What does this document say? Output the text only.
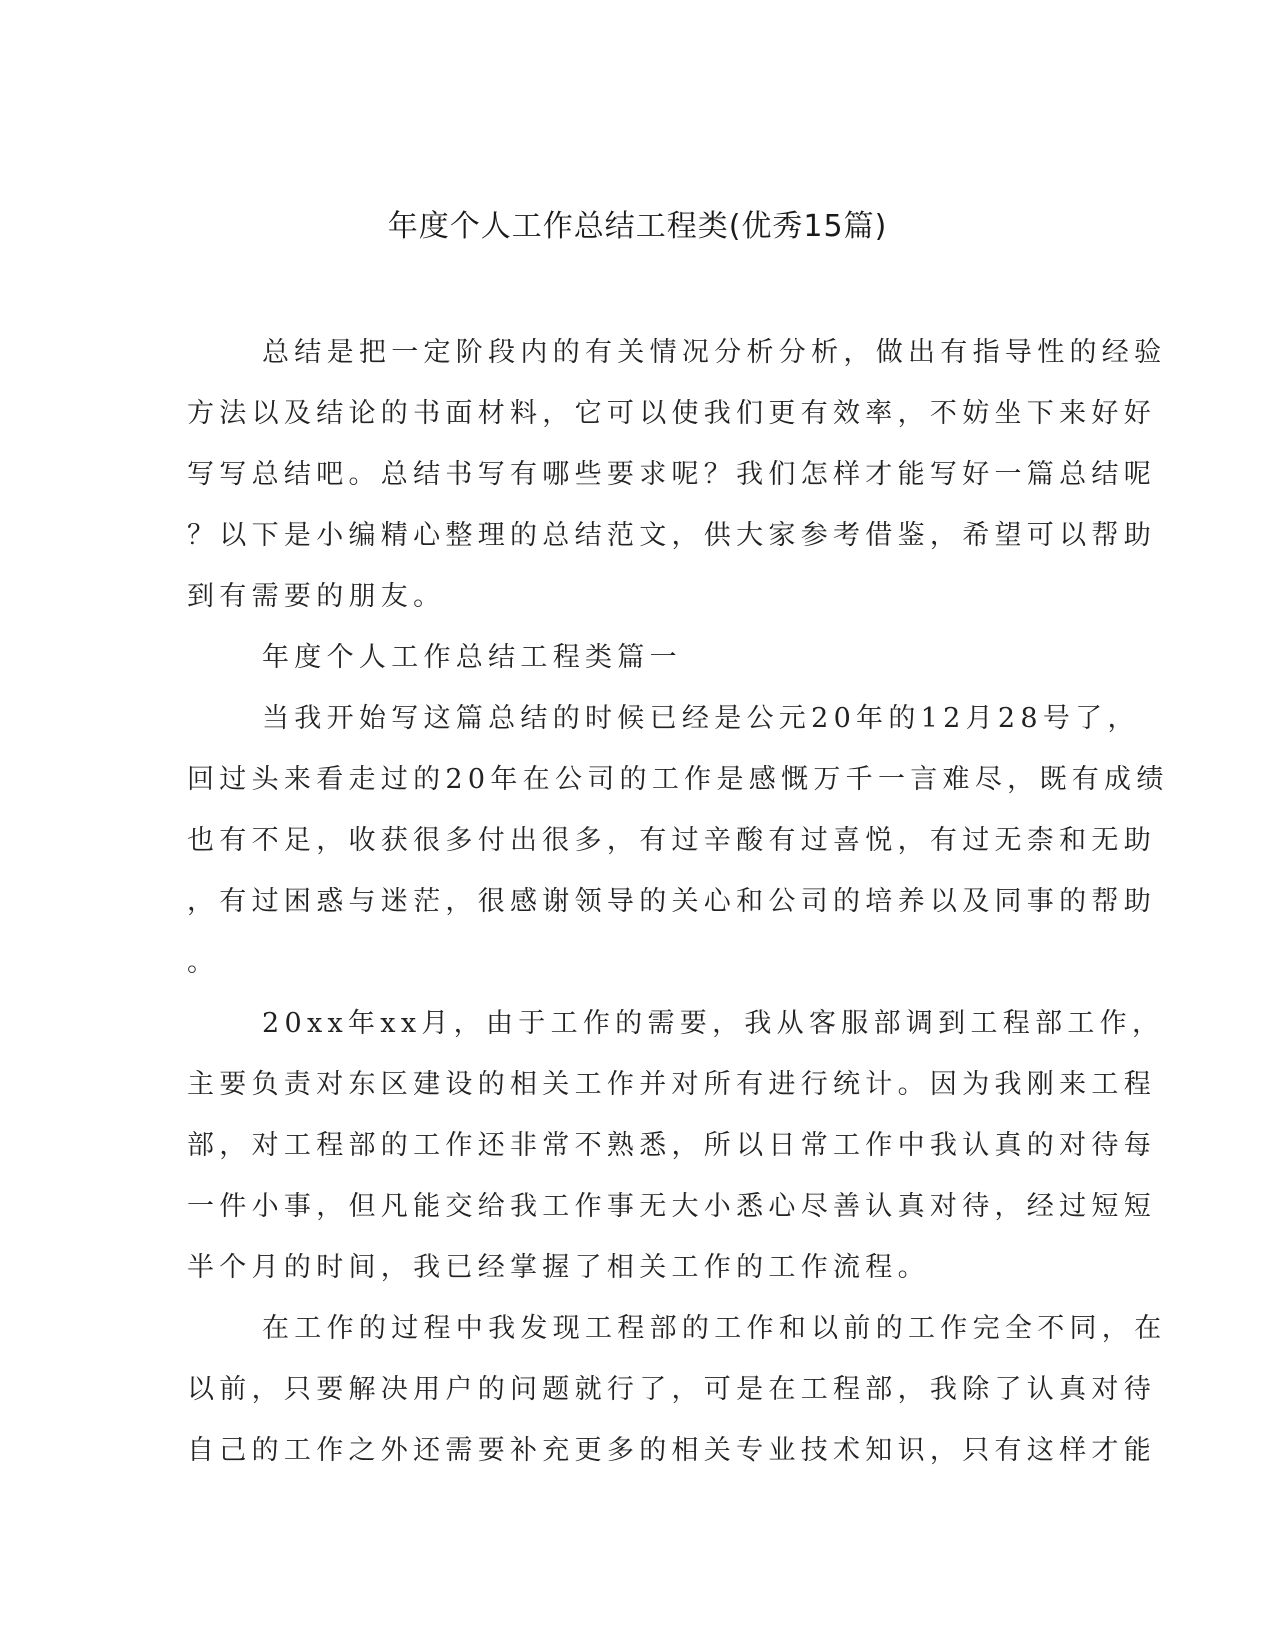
年度个人工作总结工程类(优秀15篇)
总结是把一定阶段内的有关情况分析分析，做出有指导性的经验
方法以及结论的书面材料，它可以使我们更有效率，不妨坐下来好好
写写总结吧。总结书写有哪些要求呢？我们怎样才能写好一篇总结呢
？以下是小编精心整理的总结范文，供大家参考借鉴，希望可以帮助
到有需要的朋友。
年度个人工作总结工程类篇一
当我开始写这篇总结的时候已经是公元20年的12月28号了，
回过头来看走过的20年在公司的工作是感慨万千一言难尽，既有成绩
也有不足，收获很多付出很多，有过辛酸有过喜悦，有过无柰和无助
，有过困惑与迷茫，很感谢领导的关心和公司的培养以及同事的帮助
。
20xx年xx月，由于工作的需要，我从客服部调到工程部工作，
主要负责对东区建设的相关工作并对所有进行统计。因为我刚来工程
部，对工程部的工作还非常不熟悉，所以日常工作中我认真的对待每
一件小事，但凡能交给我工作事无大小悉心尽善认真对待，经过短短
半个月的时间，我已经掌握了相关工作的工作流程。
在工作的过程中我发现工程部的工作和以前的工作完全不同，在
以前，只要解决用户的问题就行了，可是在工程部，我除了认真对待
自己的工作之外还需要补充更多的相关专业技术知识，只有这样才能
